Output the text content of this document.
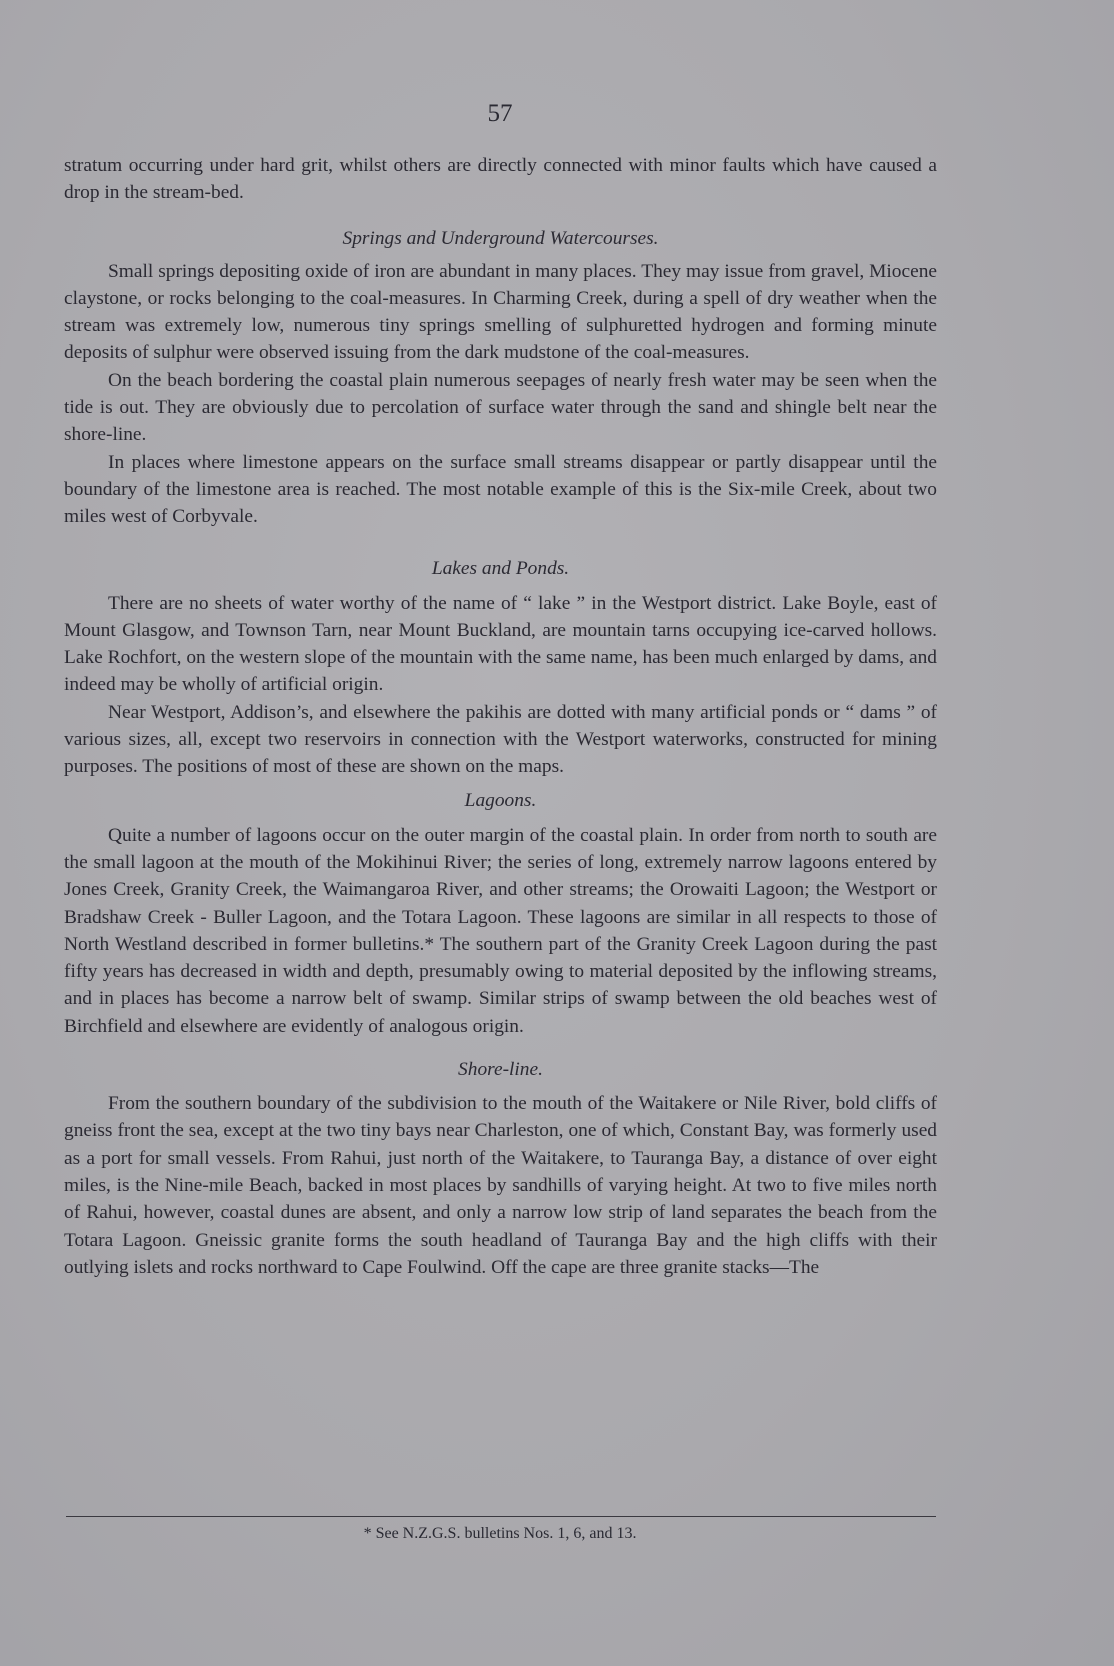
57

stratum occurring under hard grit, whilst others are directly connected with minor faults which have caused a drop in the stream-bed.

Springs and Underground Watercourses.

Small springs depositing oxide of iron are abundant in many places. They may issue from gravel, Miocene claystone, or rocks belonging to the coal-measures. In Charming Creek, during a spell of dry weather when the stream was extremely low, numerous tiny springs smelling of sulphuretted hydrogen and forming minute deposits of sulphur were observed issuing from the dark mudstone of the coal-measures.

On the beach bordering the coastal plain numerous seepages of nearly fresh water may be seen when the tide is out. They are obviously due to percolation of surface water through the sand and shingle belt near the shore-line.

In places where limestone appears on the surface small streams disappear or partly disappear until the boundary of the limestone area is reached. The most notable example of this is the Six-mile Creek, about two miles west of Corbyvale.

Lakes and Ponds.

There are no sheets of water worthy of the name of “ lake ” in the Westport district. Lake Boyle, east of Mount Glasgow, and Townson Tarn, near Mount Buckland, are mountain tarns occupying ice-carved hollows. Lake Rochfort, on the western slope of the mountain with the same name, has been much enlarged by dams, and indeed may be wholly of artificial origin.

Near Westport, Addison’s, and elsewhere the pakihis are dotted with many artificial ponds or “ dams ” of various sizes, all, except two reservoirs in connection with the Westport waterworks, constructed for mining purposes. The positions of most of these are shown on the maps.

Lagoons.

Quite a number of lagoons occur on the outer margin of the coastal plain. In order from north to south are the small lagoon at the mouth of the Mokihinui River; the series of long, extremely narrow lagoons entered by Jones Creek, Granity Creek, the Waimangaroa River, and other streams; the Orowaiti Lagoon; the Westport or Bradshaw Creek - Buller Lagoon, and the Totara Lagoon. These lagoons are similar in all respects to those of North Westland described in former bulletins.* The southern part of the Granity Creek Lagoon during the past fifty years has decreased in width and depth, presumably owing to material deposited by the inflowing streams, and in places has become a narrow belt of swamp. Similar strips of swamp between the old beaches west of Birchfield and elsewhere are evidently of analogous origin.

Shore-line.

From the southern boundary of the subdivision to the mouth of the Waitakere or Nile River, bold cliffs of gneiss front the sea, except at the two tiny bays near Charleston, one of which, Constant Bay, was formerly used as a port for small vessels. From Rahui, just north of the Waitakere, to Tauranga Bay, a distance of over eight miles, is the Nine-mile Beach, backed in most places by sandhills of varying height. At two to five miles north of Rahui, however, coastal dunes are absent, and only a narrow low strip of land separates the beach from the Totara Lagoon. Gneissic granite forms the south headland of Tauranga Bay and the high cliffs with their outlying islets and rocks northward to Cape Foulwind. Off the cape are three granite stacks—The

* See N.Z.G.S. bulletins Nos. 1, 6, and 13.
